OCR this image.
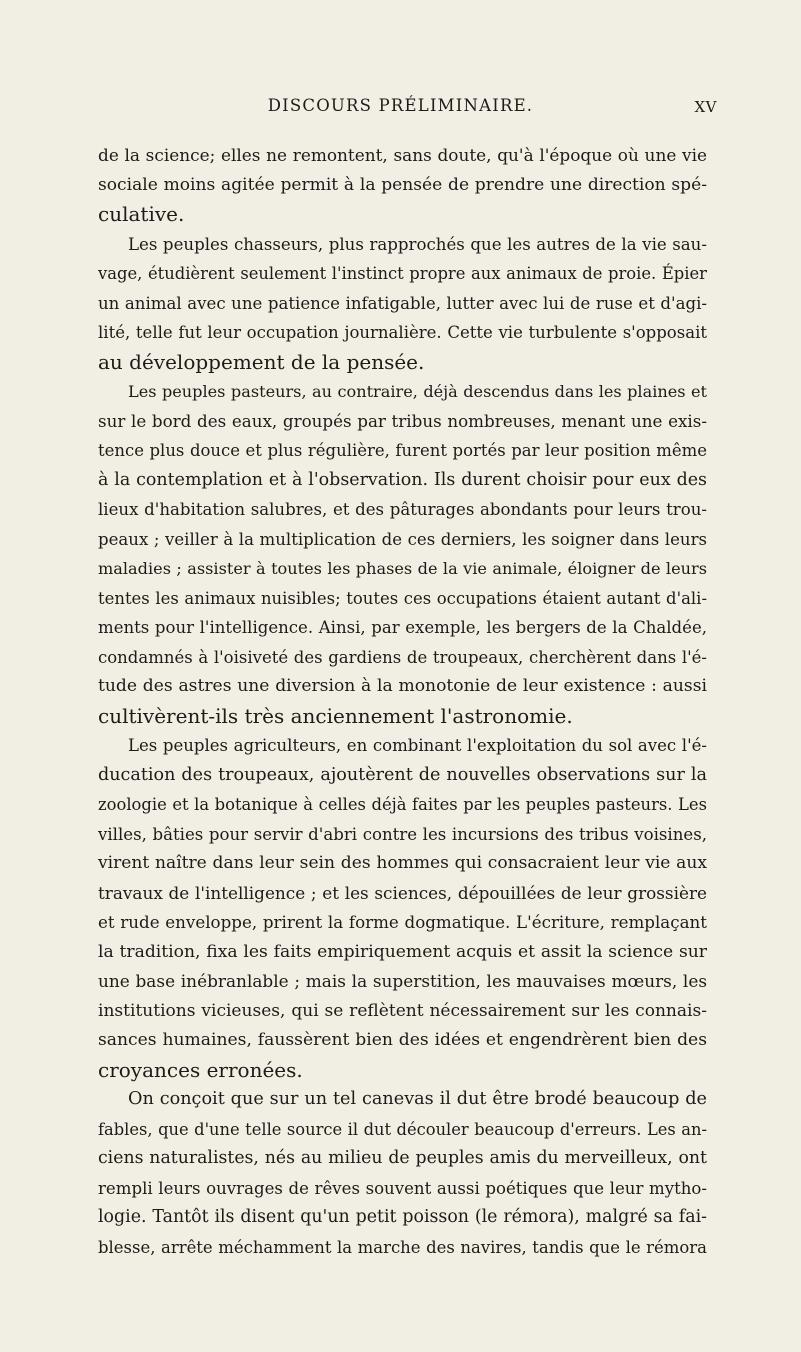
DISCOURS PRÉLIMINAIRE.	XV
de la science; elles ne remontent, sans doute, qu'à l'époque où une vie
sociale moins agitée permit à la pensée de prendre une direction spé-
culative.
Les peuples chasseurs, plus rapprochés que les autres de la vie sau-
vage, étudièrent seulement l'instinct propre aux animaux de proie. Épier
un animal avec une patience infatigable, lutter avec lui de ruse et d'agi-
lité, telle fut leur occupation journalière. Cette vie turbulente s'opposait
au développement de la pensée.
Les peuples pasteurs, au contraire, déjà descendus dans les plaines et
sur le bord des eaux, groupés par tribus nombreuses, menant une exis-
tence plus douce et plus régulière, furent portés par leur position même
à la contemplation et à l'observation. Ils durent choisir pour eux des
lieux d'habitation salubres, et des pâturages abondants pour leurs trou-
peaux ; veiller à la multiplication de ces derniers, les soigner dans leurs
maladies ; assister à toutes les phases de la vie animale, éloigner de leurs
tentes les animaux nuisibles; toutes ces occupations étaient autant d'ali-
ments pour l'intelligence. Ainsi, par exemple, les bergers de la Chaldée,
condamnés à l'oisiveté des gardiens de troupeaux, cherchèrent dans l'é-
tude des astres une diversion à la monotonie de leur existence : aussi
cultivèrent-ils très anciennement l'astronomie.
Les peuples agriculteurs, en combinant l'exploitation du sol avec l'é-
ducation des troupeaux, ajoutèrent de nouvelles observations sur la
zoologie et la botanique à celles déjà faites par les peuples pasteurs. Les
villes, bâties pour servir d'abri contre les incursions des tribus voisines,
virent naître dans leur sein des hommes qui consacraient leur vie aux
travaux de l'intelligence ; et les sciences, dépouillées de leur grossière
et rude enveloppe, prirent la forme dogmatique. L'écriture, remplaçant
la tradition, fixa les faits empiriquement acquis et assit la science sur
une base inébranlable ; mais la superstition, les mauvaises mœurs, les
institutions vicieuses, qui se reflètent nécessairement sur les connais-
sances humaines, faussèrent bien des idées et engendrèrent bien des
croyances erronées.
On conçoit que sur un tel canevas il dut être brodé beaucoup de
fables, que d'une telle source il dut découler beaucoup d'erreurs. Les an-
ciens naturalistes, nés au milieu de peuples amis du merveilleux, ont
rempli leurs ouvrages de rêves souvent aussi poétiques que leur mytho-
logie. Tantôt ils disent qu'un petit poisson (le rémora), malgré sa fai-
blesse, arrête méchamment la marche des navires, tandis que le rémora
